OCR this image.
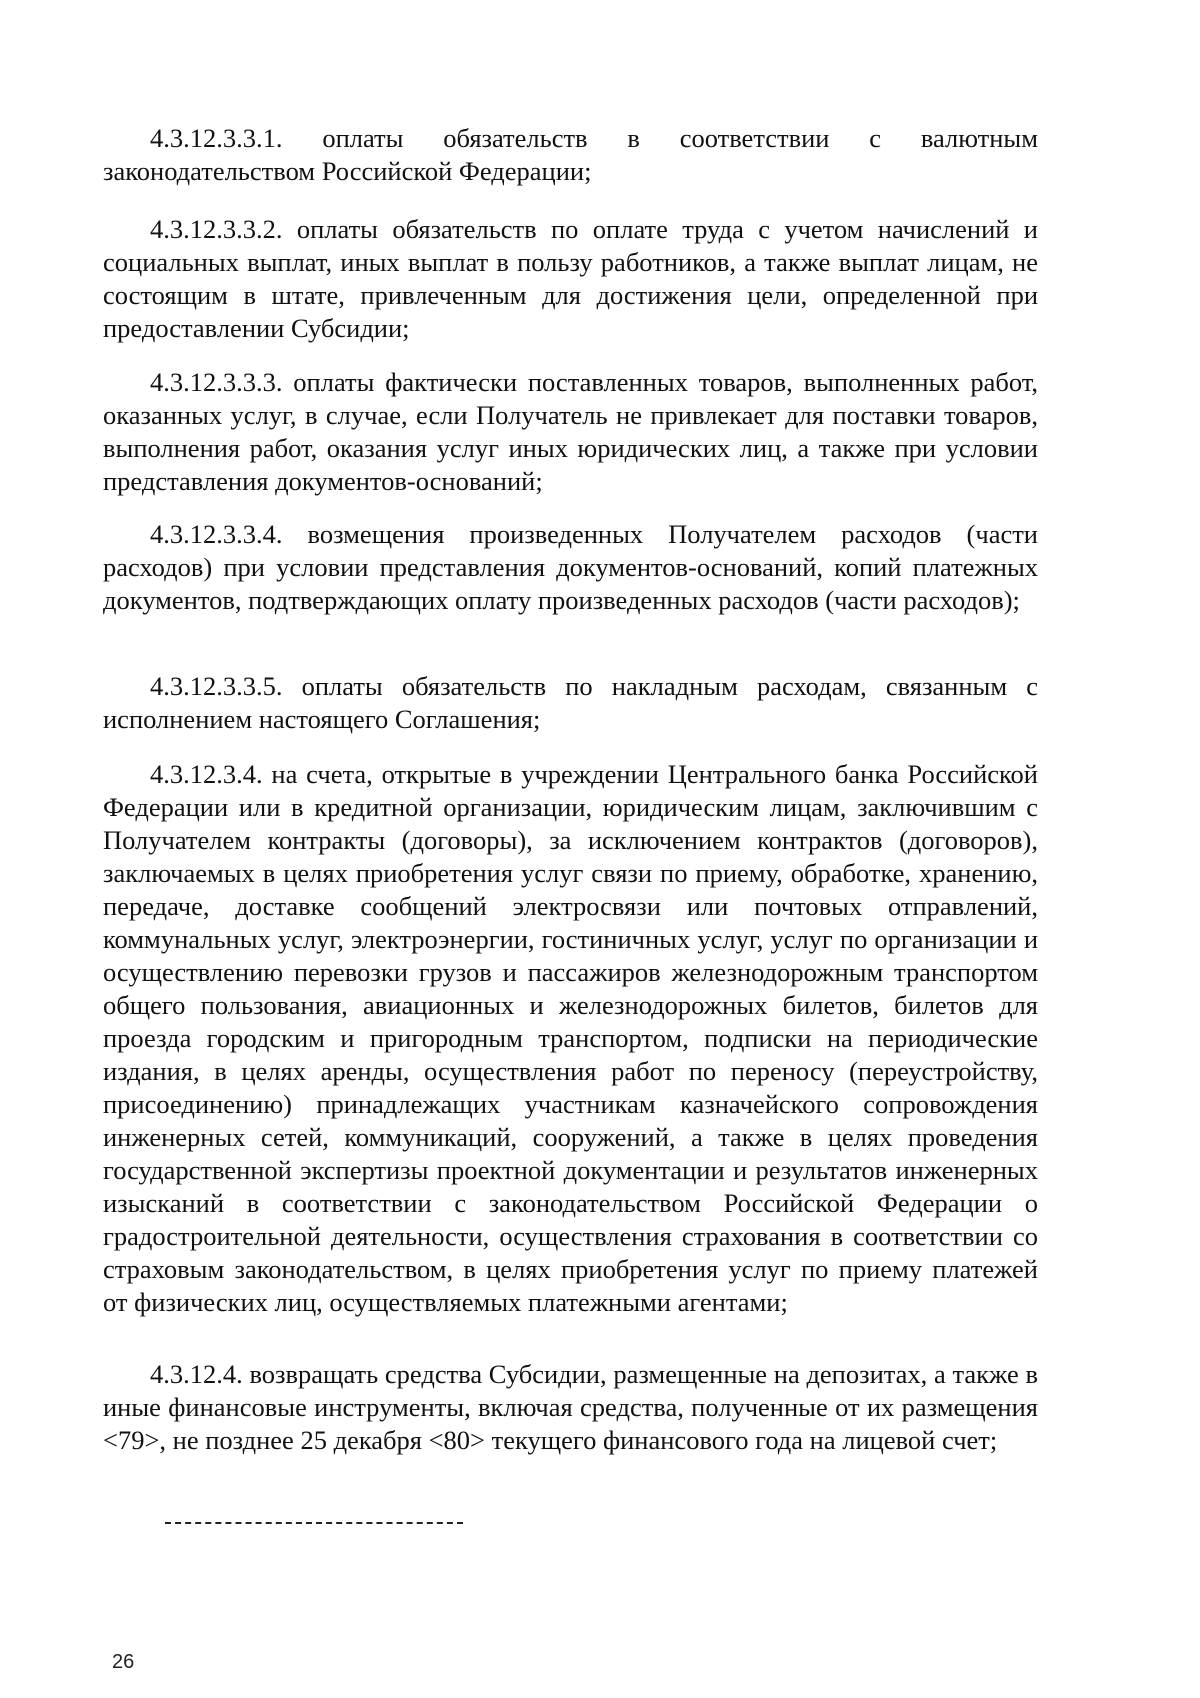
4.3.12.3.3.1. оплаты обязательств в соответствии с валютным законодательством Российской Федерации;

4.3.12.3.3.2. оплаты обязательств по оплате труда с учетом начислений и социальных выплат, иных выплат в пользу работников, а также выплат лицам, не состоящим в штате, привлеченным для достижения цели, определенной при предоставлении Субсидии;

4.3.12.3.3.3. оплаты фактически поставленных товаров, выполненных работ, оказанных услуг, в случае, если Получатель не привлекает для поставки товаров, выполнения работ, оказания услуг иных юридических лиц, а также при условии представления документов-оснований;

4.3.12.3.3.4. возмещения произведенных Получателем расходов (части расходов) при условии представления документов-оснований, копий платежных документов, подтверждающих оплату произведенных расходов (части расходов);

4.3.12.3.3.5. оплаты обязательств по накладным расходам, связанным с исполнением настоящего Соглашения;

4.3.12.3.4. на счета, открытые в учреждении Центрального банка Российской Федерации или в кредитной организации, юридическим лицам, заключившим с Получателем контракты (договоры), за исключением контрактов (договоров), заключаемых в целях приобретения услуг связи по приему, обработке, хранению, передаче, доставке сообщений электросвязи или почтовых отправлений, коммунальных услуг, электроэнергии, гостиничных услуг, услуг по организации и осуществлению перевозки грузов и пассажиров железнодорожным транспортом общего пользования, авиационных и железнодорожных билетов, билетов для проезда городским и пригородным транспортом, подписки на периодические издания, в целях аренды, осуществления работ по переносу (переустройству, присоединению) принадлежащих участникам казначейского сопровождения инженерных сетей, коммуникаций, сооружений, а также в целях проведения государственной экспертизы проектной документации и результатов инженерных изысканий в соответствии с законодательством Российской Федерации о градостроительной деятельности, осуществления страхования в соответствии со страховым законодательством, в целях приобретения услуг по приему платежей от физических лиц, осуществляемых платежными агентами;

4.3.12.4. возвращать средства Субсидии, размещенные на депозитах, а также в иные финансовые инструменты, включая средства, полученные от их размещения <79>, не позднее 25 декабря <80> текущего финансового года на лицевой счет;

26
